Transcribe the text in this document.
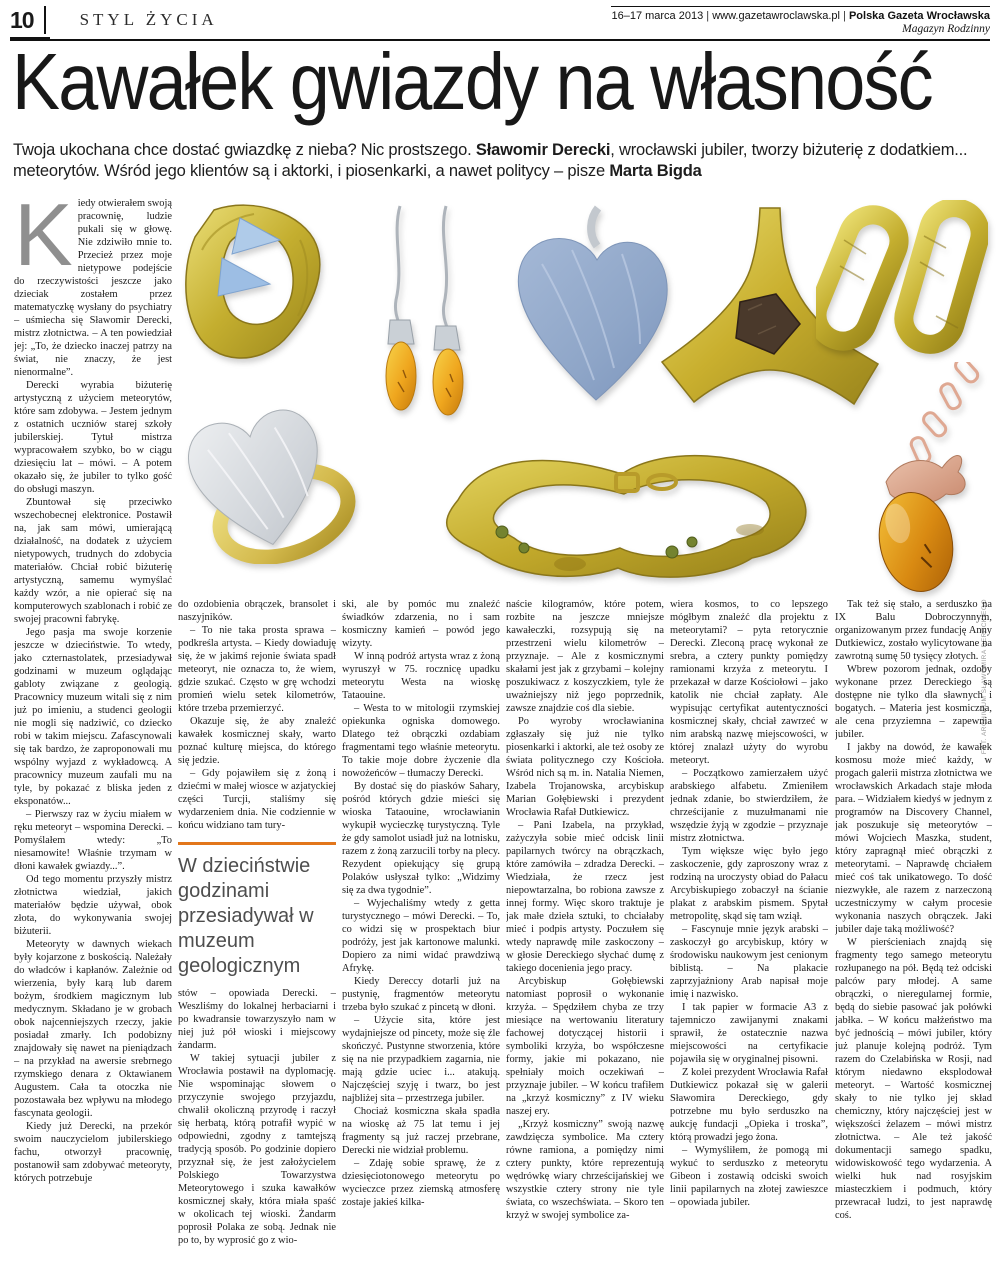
10	STYL ŻYCIA	16–17 marca 2013 | www.gazetawroclawska.pl | Polska Gazeta Wrocławska
Magazyn Rodzinny
Kawałek gwiazdy na własność

Twoja ukochana chce dostać gwiazdkę z nieba? Nic prostszego. Sławomir Derecki, wrocławski jubiler, tworzy biżuterię z dodatkiem... meteorytów. Wśród jego klientów są i aktorki, i piosenkarki, a nawet politycy – pisze Marta Bigda

FOT. ARCHIWUM SŁAWOMIRA DERECKIEGO

Kiedy otwierałem swoją pracownię, ludzie pukali się w głowę. Nie zdziwiło mnie to. Przecież przez moje nietypowe podejście do rzeczywistości jeszcze jako dzieciak zostałem przez matematyczkę wysłany do psychiatry – uśmiecha się Sławomir Derecki, mistrz złotnictwa. – A ten powiedział jej: „To, że dziecko inaczej patrzy na świat, nie znaczy, że jest nienormalne”.

Derecki wyrabia biżuterię artystyczną z użyciem meteorytów, które sam zdobywa. – Jestem jednym z ostatnich uczniów starej szkoły jubilerskiej. Tytuł mistrza wypracowałem szybko, bo w ciągu dziesięciu lat – mówi. – A potem okazało się, że jubiler to tylko gość do obsługi maszyn.

Zbuntował się przeciwko wszechobecnej elektronice. Postawił na, jak sam mówi, umierającą działalność, na dodatek z użyciem nietypowych, trudnych do zdobycia materiałów. Chciał robić biżuterię artystyczną, samemu wymyślać każdy wzór, a nie opierać się na komputerowych szablonach i robić ze swojej pracowni fabrykę.

Jego pasja ma swoje korzenie jeszcze w dzieciństwie. To wtedy, jako czternastolatek, przesiadywał godzinami w muzeum oglądając gabloty związane z geologią. Pracownicy muzeum witali się z nim już po imieniu, a studenci geologii nie mogli się nadziwić, co dziecko robi w takim miejscu. Zafascynowali się tak bardzo, że zaproponowali mu wspólny wyjazd z wykładowcą. A pracownicy muzeum zaufali mu na tyle, by pokazać z bliska jeden z eksponatów...

– Pierwszy raz w życiu miałem w ręku meteoryt – wspomina Derecki. – Pomyślałem wtedy: „To niesamowite! Właśnie trzymam w dłoni kawałek gwiazdy...”.

Od tego momentu przyszły mistrz złotnictwa wiedział, jakich materiałów będzie używał, obok złota, do wykonywania swojej biżuterii.

Meteoryty w dawnych wiekach były kojarzone z boskością. Należały do władców i kapłanów. Zależnie od wierzenia, były karą lub darem bożym, środkiem magicznym lub medycznym. Składano je w grobach obok najcenniejszych rzeczy, jakie posiadał zmarły. Ich podobizny znajdowały się nawet na pieniądzach – na przykład na awersie srebrnego rzymskiego denara z Oktawianem Augustem. Cała ta otoczka nie pozostawała bez wpływu na młodego fascynata geologii.

Kiedy już Derecki, na przekór swoim nauczycielom jubilerskiego fachu, otworzył pracownię, postanowił sam zdobywać meteoryty, których potrzebuje

do ozdobienia obrączek, bransolet i naszyjników.

– To nie taka prosta sprawa – podkreśla artysta. – Kiedy dowiaduję się, że w jakimś rejonie świata spadł meteoryt, nie oznacza to, że wiem, gdzie szukać. Często w grę wchodzi promień wielu setek kilometrów, które trzeba przemierzyć.

Okazuje się, że aby znaleźć kawałek kosmicznej skały, warto poznać kulturę miejsca, do którego się jedzie.

– Gdy pojawiłem się z żoną i dziećmi w małej wiosce w azjatyckiej części Turcji, staliśmy się wydarzeniem dnia. Nie codziennie w końcu widziano tam tury-

W dzieciństwie godzinami przesiadywał w muzeum geologicznym

stów – opowiada Derecki. – Weszliśmy do lokalnej herbaciarni i po kwadransie towarzyszyło nam w niej już pół wioski i miejscowy żandarm.

W takiej sytuacji jubiler z Wrocławia postawił na dyplomację. Nie wspominając słowem o przyczynie swojego przyjazdu, chwalił okoliczną przyrodę i raczył się herbatą, którą potrafił wypić w odpowiedni, zgodny z tamtejszą tradycją sposób. Po godzinie dopiero przyznał się, że jest założycielem Polskiego Towarzystwa Meteorytowego i szuka kawałków kosmicznej skały, która miała spaść w okolicach tej wioski. Żandarm poprosił Polaka ze sobą. Jednak nie po to, by wyprosić go z wio-

ski, ale by pomóc mu znaleźć świadków zdarzenia, no i sam kosmiczny kamień – powód jego wizyty.

W inną podróż artysta wraz z żoną wyruszył w 75. rocznicę upadku meteorytu Westa na wioskę Tataouine.

– Westa to w mitologii rzymskiej opiekunka ogniska domowego. Dlatego też obrączki ozdabiam fragmentami tego właśnie meteorytu. To takie moje dobre życzenie dla nowożeńców – tłumaczy Derecki.

By dostać się do piasków Sahary, pośród których gdzie mieści się wioska Tataouine, wrocławianin wykupił wycieczkę turystyczną. Tyle że gdy samolot usiadł już na lotnisku, razem z żoną zarzucili torby na plecy. Rezydent opiekujący się grupą Polaków usłyszał tylko: „Widzimy się za dwa tygodnie”.

– Wyjechaliśmy wtedy z getta turystycznego – mówi Derecki. – To, co widzi się w prospektach biur podróży, jest jak kartonowe malunki. Dopiero za nimi widać prawdziwą Afrykę.

Kiedy Dereccy dotarli już na pustynię, fragmentów meteorytu trzeba było szukać z pincetą w dłoni.

– Użycie sita, które jest wydajniejsze od pincety, może się źle skończyć. Pustynne stworzenia, które się na nie przypadkiem zagarnia, nie mają gdzie uciec i... atakują. Najczęściej szyję i twarz, bo jest najbliżej sita – przestrzega jubiler.

Chociaż kosmiczna skała spadła na wioskę aż 75 lat temu i jej fragmenty są już raczej przebrane, Derecki nie widział problemu.

– Zdaję sobie sprawę, że z dziesięciotonowego meteorytu po wycieczce przez ziemską atmosferę zostaje jakieś kilka-

naście kilogramów, które potem, rozbite na jeszcze mniejsze kawałeczki, rozsypują się na przestrzeni wielu kilometrów – przyznaje. – Ale z kosmicznymi skałami jest jak z grzybami – kolejny poszukiwacz z koszyczkiem, tyle że uważniejszy niż jego poprzednik, zawsze znajdzie coś dla siebie.

Po wyroby wrocławianina zgłaszały się już nie tylko piosenkarki i aktorki, ale też osoby ze świata politycznego czy Kościoła. Wśród nich są m. in. Natalia Niemen, Izabela Trojanowska, arcybiskup Marian Gołębiewski i prezydent Wrocławia Rafał Dutkiewicz.

– Pani Izabela, na przykład, zażyczyła sobie mieć odcisk linii papilarnych twórcy na obrączkach, które zamówiła – zdradza Derecki. – Wiedziała, że rzecz jest niepowtarzalna, bo robiona zawsze z innej formy. Więc skoro traktuje je jak małe dzieła sztuki, to chciałaby mieć i podpis artysty. Poczułem się wtedy naprawdę mile zaskoczony – w głosie Dereckiego słychać dumę z takiego docenienia jego pracy.

Arcybiskup Gołębiewski natomiast poprosił o wykonanie krzyża. – Spędziłem chyba ze trzy miesiące na wertowaniu literatury fachowej dotyczącej historii i symboliki krzyża, bo współczesne formy, jakie mi pokazano, nie spełniały moich oczekiwań – przyznaje jubiler. – W końcu trafiłem na „krzyż kosmiczny” z IV wieku naszej ery.

„Krzyż kosmiczny” swoją nazwę zawdzięcza symbolice. Ma cztery równe ramiona, a pomiędzy nimi cztery punkty, które reprezentują wędrówkę wiary chrześcijańskiej we wszystkie cztery strony nie tyle świata, co wszechświata. – Skoro ten krzyż w swojej symbolice za-

wiera kosmos, to co lepszego mógłbym znaleźć dla projektu z meteorytami? – pyta retorycznie Derecki. Zleconą pracę wykonał ze srebra, a cztery punkty pomiędzy ramionami krzyża z meteorytu. I przekazał w darze Kościołowi – jako katolik nie chciał zapłaty. Ale wypisując certyfikat autentyczności kosmicznej skały, chciał zawrzeć w nim arabską nazwę miejscowości, w której znalazł użyty do wyrobu meteoryt.

– Początkowo zamierzałem użyć arabskiego alfabetu. Zmieniłem jednak zdanie, bo stwierdziłem, że chrześcijanie z muzułmanami nie wszędzie żyją w zgodzie – przyznaje mistrz złotnictwa.

Tym większe więc było jego zaskoczenie, gdy zaproszony wraz z rodziną na uroczysty obiad do Pałacu Arcybiskupiego zobaczył na ścianie plakat z arabskim pismem. Spytał metropolitę, skąd się tam wziął.

– Fascynuje mnie język arabski – zaskoczył go arcybiskup, który w środowisku naukowym jest cenionym biblistą. – Na plakacie zaprzyjaźniony Arab napisał moje imię i nazwisko.

I tak papier w formacie A3 z tajemniczo zawijanymi znakami sprawił, że ostatecznie nazwa miejscowości na certyfikacie pojawiła się w oryginalnej pisowni.

Z kolei prezydent Wrocławia Rafał Dutkiewicz pokazał się w galerii Sławomira Dereckiego, gdy potrzebne mu było serduszko na aukcję fundacji „Opieka i troska”, którą prowadzi jego żona.

– Wymyśliłem, że pomogą mi wykuć to serduszko z meteorytu Gibeon i zostawią odciski swoich linii papilarnych na złotej zawieszce – opowiada jubiler.

Tak też się stało, a serduszko na IX Balu Dobroczynnym, organizowanym przez fundację Anny Dutkiewicz, zostało wylicytowane na zawrotną sumę 50 tysięcy złotych.

Wbrew pozorom jednak, ozdoby wykonane przez Dereckiego są dostępne nie tylko dla sławnych i bogatych. – Materia jest kosmiczna, ale cena przyziemna – zapewnia jubiler.

I jakby na dowód, że kawałek kosmosu może mieć każdy, w progach galerii mistrza złotnictwa we wrocławskich Arkadach staje młoda para. – Widziałem kiedyś w jednym z programów na Discovery Channel, jak poszukuje się meteorytów – mówi Wojciech Maszka, student, który zapragnął mieć obrączki z meteorytami. – Naprawdę chciałem mieć coś tak unikatowego. To dość niezwykłe, ale razem z narzeczoną uczestniczymy w całym procesie wykonania naszych obrączek. Jaki jubiler daje taką możliwość?

W pierścieniach znajdą się fragmenty tego samego meteorytu rozłupanego na pół. Będą też odciski palców pary młodej. A same obrączki, o nieregularnej formie, będą do siebie pasować jak połówki jabłka. – W końcu małżeństwo ma być jednością – mówi jubiler, który już planuje kolejną podróż. Tym razem do Czelabińska w Rosji, nad którym niedawno eksplodował meteoryt. – Wartość kosmicznej skały to nie tylko jej skład chemiczny, który najczęściej jest w większości żelazem – mówi mistrz złotnictwa. – Ale też jakość dokumentacji samego spadku, widowiskowość tego wydarzenia. A wielki huk nad rosyjskim miasteczkiem i podmuch, który przewracał ludzi, to jest naprawdę coś.
